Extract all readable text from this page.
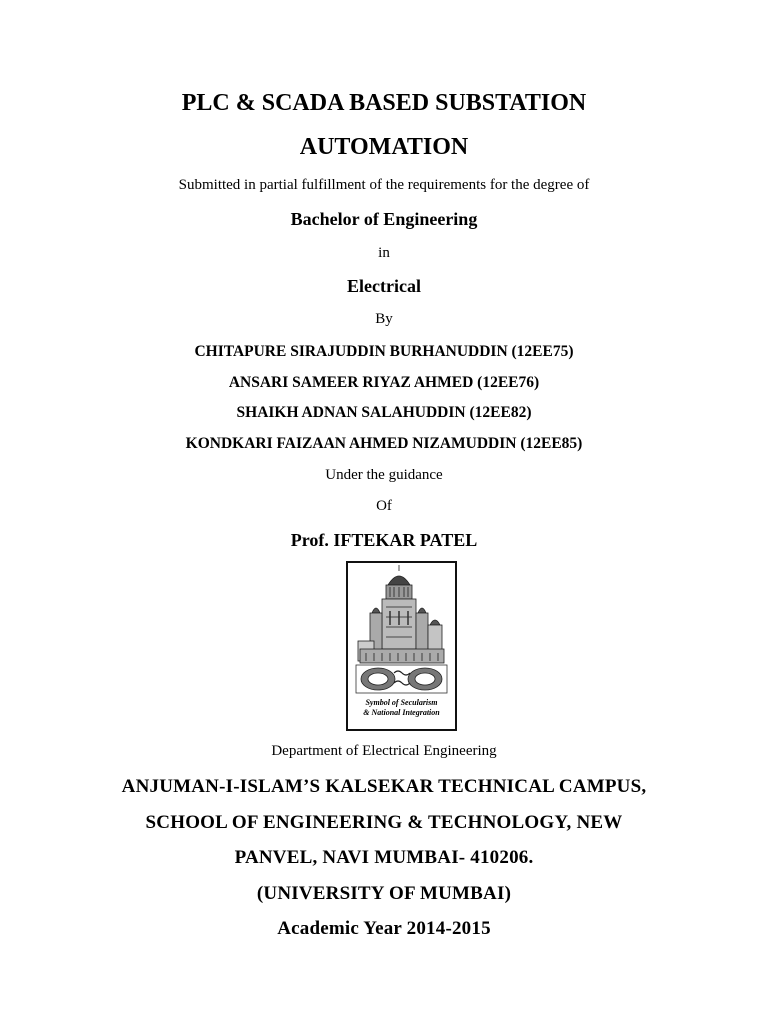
PLC & SCADA BASED SUBSTATION
AUTOMATION
Submitted in partial fulfillment of the requirements for the degree of
Bachelor of Engineering
in
Electrical
By
CHITAPURE SIRAJUDDIN BURHANUDDIN (12EE75)
ANSARI SAMEER RIYAZ AHMED (12EE76)
SHAIKH ADNAN SALAHUDDIN (12EE82)
KONDKARI FAIZAAN AHMED NIZAMUDDIN (12EE85)
Under the guidance
Of
Prof. IFTEKAR PATEL
Symbol of Secularism
& National Integration
Department of Electrical Engineering
ANJUMAN-I-ISLAM’S KALSEKAR TECHNICAL CAMPUS,
SCHOOL OF ENGINEERING & TECHNOLOGY, NEW
PANVEL, NAVI MUMBAI- 410206.
(UNIVERSITY OF MUMBAI)
Academic Year 2014-2015
